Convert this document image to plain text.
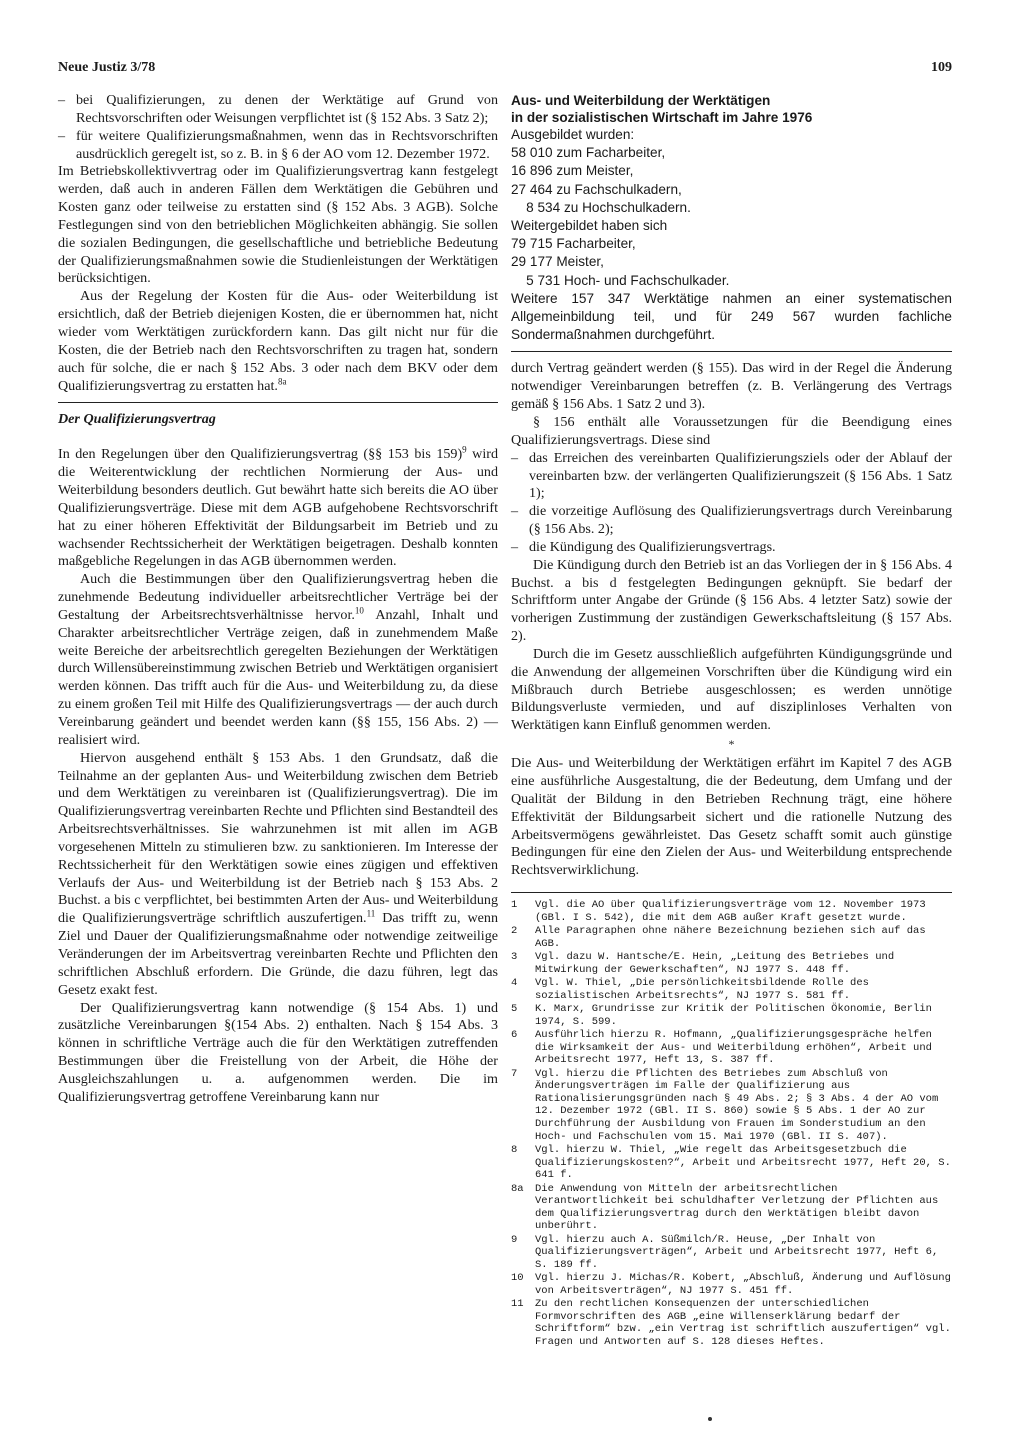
Neue Justiz 3/78	109

– bei Qualifizierungen, zu denen der Werktätige auf Grund von Rechtsvorschriften oder Weisungen verpflichtet ist (§ 152 Abs. 3 Satz 2);

– für weitere Qualifizierungsmaßnahmen, wenn das in Rechtsvorschriften ausdrücklich geregelt ist, so z. B. in § 6 der AO vom 12. Dezember 1972.

Im Betriebskollektivvertrag oder im Qualifizierungsvertrag kann festgelegt werden, daß auch in anderen Fällen dem Werktätigen die Gebühren und Kosten ganz oder teilweise zu erstatten sind (§ 152 Abs. 3 AGB). Solche Festlegungen sind von den betrieblichen Möglichkeiten abhängig. Sie sollen die sozialen Bedingungen, die gesellschaftliche und betriebliche Bedeutung der Qualifizierungsmaßnahmen sowie die Studienleistungen der Werktätigen berücksichtigen.

Aus der Regelung der Kosten für die Aus- oder Weiterbildung ist ersichtlich, daß der Betrieb diejenigen Kosten, die er übernommen hat, nicht wieder vom Werktätigen zurückfordern kann. Das gilt nicht nur für die Kosten, die der Betrieb nach den Rechtsvorschriften zu tragen hat, sondern auch für solche, die er nach § 152 Abs. 3 oder nach dem BKV oder dem Qualifizierungsvertrag zu erstatten hat.$^{8a}$

Der Qualifizierungsvertrag

In den Regelungen über den Qualifizierungsvertrag (§§ 153 bis 159)$^9$ wird die Weiterentwicklung der rechtlichen Normierung der Aus- und Weiterbildung besonders deutlich. Gut bewährt hatte sich bereits die AO über Qualifizierungsverträge. Diese mit dem AGB aufgehobene Rechtsvorschrift hat zu einer höheren Effektivität der Bildungsarbeit im Betrieb und zu wachsender Rechtssicherheit der Werktätigen beigetragen. Deshalb konnten maßgebliche Regelungen in das AGB übernommen werden.

Auch die Bestimmungen über den Qualifizierungsvertrag heben die zunehmende Bedeutung individueller arbeitsrechtlicher Verträge bei der Gestaltung der Arbeitsrechtsverhältnisse hervor.$^{10}$ Anzahl, Inhalt und Charakter arbeitsrechtlicher Verträge zeigen, daß in zunehmendem Maße weite Bereiche der arbeitsrechtlich geregelten Beziehungen der Werktätigen durch Willensübereinstimmung zwischen Betrieb und Werktätigen organisiert werden können. Das trifft auch für die Aus- und Weiterbildung zu, da diese zu einem großen Teil mit Hilfe des Qualifizierungsvertrags — der auch durch Vereinbarung geändert und beendet werden kann (§§ 155, 156 Abs. 2) — realisiert wird.

Hiervon ausgehend enthält § 153 Abs. 1 den Grundsatz, daß die Teilnahme an der geplanten Aus- und Weiterbildung zwischen dem Betrieb und dem Werktätigen zu vereinbaren ist (Qualifizierungsvertrag). Die im Qualifizierungsvertrag vereinbarten Rechte und Pflichten sind Bestandteil des Arbeitsrechtsverhältnisses. Sie wahrzunehmen ist mit allen im AGB vorgesehenen Mitteln zu stimulieren bzw. zu sanktionieren. Im Interesse der Rechtssicherheit für den Werktätigen sowie eines zügigen und effektiven Verlaufs der Aus- und Weiterbildung ist der Betrieb nach § 153 Abs. 2 Buchst. a bis c verpflichtet, bei bestimmten Arten der Aus- und Weiterbildung die Qualifizierungsverträge schriftlich auszufertigen.$^{11}$ Das trifft zu, wenn Ziel und Dauer der Qualifizierungsmaßnahme oder notwendige zeitweilige Veränderungen der im Arbeitsvertrag vereinbarten Rechte und Pflichten den schriftlichen Abschluß erfordern. Die Gründe, die dazu führen, legt das Gesetz exakt fest.

Der Qualifizierungsvertrag kann notwendige (§ 154 Abs. 1) und zusätzliche Vereinbarungen §(154 Abs. 2) enthalten. Nach § 154 Abs. 3 können in schriftliche Verträge auch die für den Werktätigen zutreffenden Bestimmungen über die Freistellung von der Arbeit, die Höhe der Ausgleichszahlungen u. a. aufgenommen werden. Die im Qualifizierungsvertrag getroffene Vereinbarung kann nur

Aus- und Weiterbildung der Werktätigen
in der sozialistischen Wirtschaft im Jahre 1976

Ausgebildet wurden:

58 010 zum Facharbeiter,

16 896 zum Meister,

27 464 zu Fachschulkadern,

  8 534 zu Hochschulkadern.

Weitergebildet haben sich

79 715 Facharbeiter,

29 177 Meister,

  5 731 Hoch- und Fachschulkader.

Weitere 157 347 Werktätige nahmen an einer systematischen Allgemeinbildung teil, und für 249 567 wurden fachliche Sondermaßnahmen durchgeführt.

durch Vertrag geändert werden (§ 155). Das wird in der Regel die Änderung notwendiger Vereinbarungen betreffen (z. B. Verlängerung des Vertrags gemäß § 156 Abs. 1 Satz 2 und 3).

§ 156 enthält alle Voraussetzungen für die Beendigung eines Qualifizierungsvertrags. Diese sind

– das Erreichen des vereinbarten Qualifizierungsziels oder der Ablauf der vereinbarten bzw. der verlängerten Qualifizierungszeit (§ 156 Abs. 1 Satz 1);

– die vorzeitige Auflösung des Qualifizierungsvertrags durch Vereinbarung (§ 156 Abs. 2);

– die Kündigung des Qualifizierungsvertrags.

Die Kündigung durch den Betrieb ist an das Vorliegen der in § 156 Abs. 4 Buchst. a bis d festgelegten Bedingungen geknüpft. Sie bedarf der Schriftform unter Angabe der Gründe (§ 156 Abs. 4 letzter Satz) sowie der vorherigen Zustimmung der zuständigen Gewerkschaftsleitung (§ 157 Abs. 2).

Durch die im Gesetz ausschließlich aufgeführten Kündigungsgründe und die Anwendung der allgemeinen Vorschriften über die Kündigung wird ein Mißbrauch durch Betriebe ausgeschlossen; es werden unnötige Bildungsverluste vermieden, und auf disziplinloses Verhalten von Werktätigen kann Einfluß genommen werden.

*

Die Aus- und Weiterbildung der Werktätigen erfährt im Kapitel 7 des AGB eine ausführliche Ausgestaltung, die der Bedeutung, dem Umfang und der Qualität der Bildung in den Betrieben Rechnung trägt, eine höhere Effektivität der Bildungsarbeit sichert und die rationelle Nutzung des Arbeitsvermögens gewährleistet. Das Gesetz schafft somit auch günstige Bedingungen für eine den Zielen der Aus- und Weiterbildung entsprechende Rechtsverwirklichung.

1	Vgl. die AO über Qualifizierungsverträge vom 12. November 1973 (GBl. I S. 542), die mit dem AGB außer Kraft gesetzt wurde.
2	Alle Paragraphen ohne nähere Bezeichnung beziehen sich auf das AGB.
3	Vgl. dazu W. Hantsche/E. Hein, „Leitung des Betriebes und Mitwirkung der Gewerkschaften“, NJ 1977 S. 448 ff.
4	Vgl. W. Thiel, „Die persönlichkeitsbildende Rolle des sozialistischen Arbeitsrechts“, NJ 1977 S. 581 ff.
5	K. Marx, Grundrisse zur Kritik der Politischen Ökonomie, Berlin 1974, S. 599.
6	Ausführlich hierzu R. Hofmann, „Qualifizierungsgespräche helfen die Wirksamkeit der Aus- und Weiterbildung erhöhen“, Arbeit und Arbeitsrecht 1977, Heft 13, S. 387 ff.
7	Vgl. hierzu die Pflichten des Betriebes zum Abschluß von Änderungsverträgen im Falle der Qualifizierung aus Rationalisierungsgründen nach § 49 Abs. 2; § 3 Abs. 4 der AO vom 12. Dezember 1972 (GBl. II S. 860) sowie § 5 Abs. 1 der AO zur Durchführung der Ausbildung von Frauen im Sonderstudium an den Hoch- und Fachschulen vom 15. Mai 1970 (GBl. II S. 407).
8	Vgl. hierzu W. Thiel, „Wie regelt das Arbeitsgesetzbuch die Qualifizierungskosten?“, Arbeit und Arbeitsrecht 1977, Heft 20, S. 641 f.
8a	Die Anwendung von Mitteln der arbeitsrechtlichen Verantwortlichkeit bei schuldhafter Verletzung der Pflichten aus dem Qualifizierungsvertrag durch den Werktätigen bleibt davon unberührt.
9	Vgl. hierzu auch A. Süßmilch/R. Heuse, „Der Inhalt von Qualifizierungsverträgen“, Arbeit und Arbeitsrecht 1977, Heft 6, S. 189 ff.
10	Vgl. hierzu J. Michas/R. Kobert, „Abschluß, Änderung und Auflösung von Arbeitsverträgen“, NJ 1977 S. 451 ff.
11	Zu den rechtlichen Konsequenzen der unterschiedlichen Formvorschriften des AGB „eine Willenserklärung bedarf der Schriftform“ bzw. „ein Vertrag ist schriftlich auszufertigen“ vgl. Fragen und Antworten auf S. 128 dieses Heftes.
